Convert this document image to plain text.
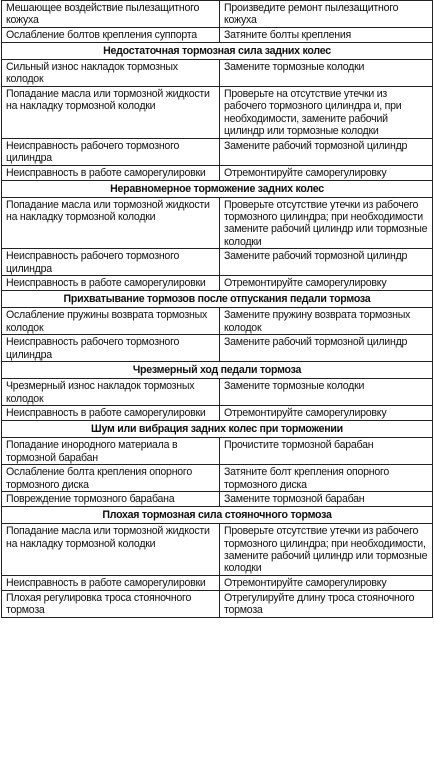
Мешающее воздействие пылезащитного кожуха	Произведите ремонт пылезащитного кожуха
Ослабление болтов крепления суппорта	Затяните болты крепления
Недостаточная тормозная сила задних колес	
Сильный износ накладок тормозных колодок	Замените тормозные колодки
Попадание масла или тормозной жидкости на накладку тормозной колодки	Проверьте на отсутствие утечки из рабочего тормозного цилиндра и, при необходимости, замените рабочий цилиндр или тормозные колодки
Неисправность рабочего тормозного цилиндра	Замените рабочий тормозной цилиндр
Неисправность в работе саморегулировки	Отремонтируйте саморегулировку
Неравномерное торможение задних колес	
Попадание масла или тормозной жидкости на накладку тормозной колодки	Проверьте отсутствие утечки из рабочего тормозного цилиндра; при необходимости замените рабочий цилиндр или тормозные колодки
Неисправность рабочего тормозного цилиндра	Замените рабочий тормозной цилиндр
Неисправность в работе саморегулировки	Отремонтируйте саморегулировку
Прихватывание тормозов после отпускания педали тормоза	
Ослабление пружины возврата тормозных колодок	Замените пружину возврата тормозных колодок
Неисправность рабочего тормозного цилиндра	Замените рабочий тормозной цилиндр
Чрезмерный ход педали тормоза	
Чрезмерный износ накладок тормозных колодок	Замените тормозные колодки
Неисправность в работе саморегулировки	Отремонтируйте саморегулировку
Шум или вибрация задних колес при торможении	
Попадание инородного материала в тормозной барабан	Прочистите тормозной барабан
Ослабление болта крепления опорного тормозного диска	Затяните болт крепления опорного тормозного диска
Повреждение тормозного барабана	Замените тормозной барабан
Плохая тормозная сила стояночного тормоза	
Попадание масла или тормозной жидкости на накладку тормозной колодки	Проверьте отсутствие утечки из рабочего тормозного цилиндра; при необходимости, замените рабочий цилиндр или тормозные колодки
Неисправность в работе саморегулировки	Отремонтируйте саморегулировку
Плохая регулировка троса стояночного тормоза	Отрегулируйте длину троса стояночного тормоза
